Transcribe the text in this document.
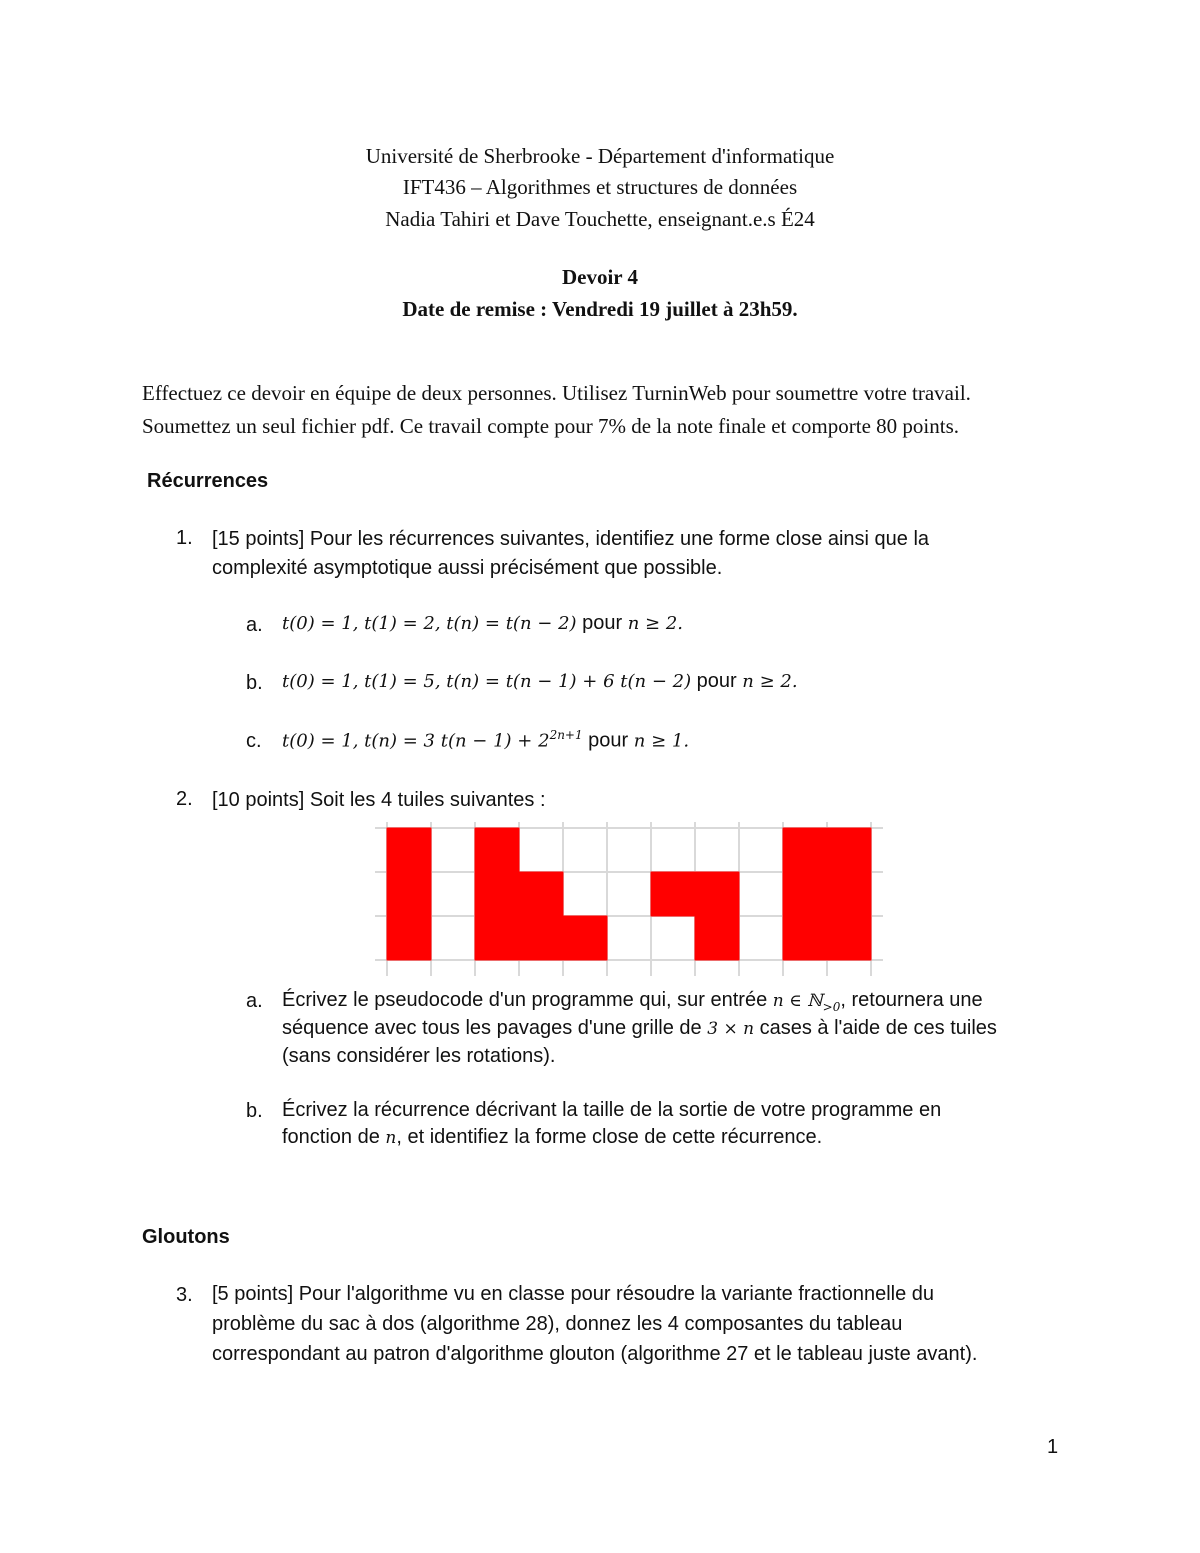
Université de Sherbrooke - Département d'informatique
IFT436 – Algorithmes et structures de données
Nadia Tahiri et Dave Touchette, enseignant.e.s É24
Devoir 4
Date de remise : Vendredi 19 juillet à 23h59.
Effectuez ce devoir en équipe de deux personnes. Utilisez TurninWeb pour soumettre votre travail.
Soumettez un seul fichier pdf. Ce travail compte pour 7% de la note finale et comporte 80 points.
Récurrences
1. [15 points] Pour les récurrences suivantes, identifiez une forme close ainsi que la
complexité asymptotique aussi précisément que possible.
a. t(0) = 1, t(1) = 2, t(n) = t(n − 2) pour n ≥ 2.
b. t(0) = 1, t(1) = 5, t(n) = t(n − 1) + 6 t(n − 2) pour n ≥ 2.
c. t(0) = 1, t(n) = 3 $t(n - 1) + 2^{2n+1}$ pour n ≥ 1.
2. [10 points] Soit les 4 tuiles suivantes :
a. Écrivez le pseudocode d'un programme qui, sur entrée n ∈ ℕ$_{>0}$, retournera une
séquence avec tous les pavages d'une grille de 3 × n cases à l'aide de ces tuiles
(sans considérer les rotations).
b. Écrivez la récurrence décrivant la taille de la sortie de votre programme en
fonction de n, et identifiez la forme close de cette récurrence.
Gloutons
3. [5 points] Pour l'algorithme vu en classe pour résoudre la variante fractionnelle du
problème du sac à dos (algorithme 28), donnez les 4 composantes du tableau
correspondant au patron d'algorithme glouton (algorithme 27 et le tableau juste avant).
1
